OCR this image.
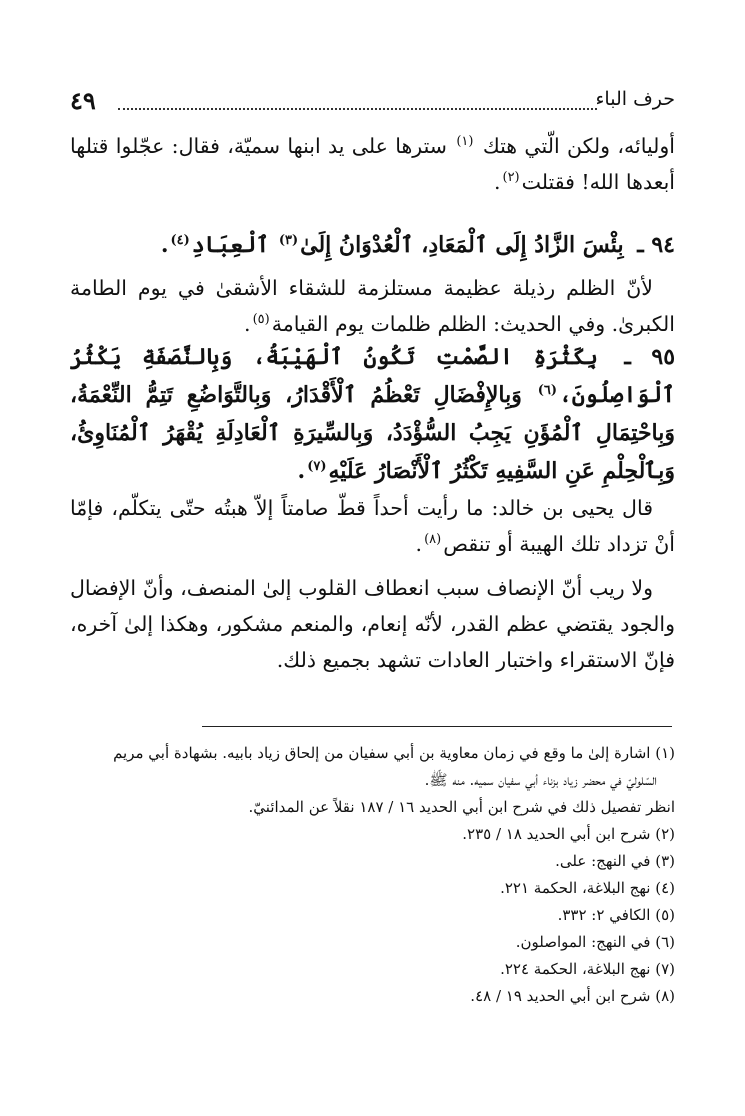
حرف الباء
٤٩
أوليائه، ولكن الّتي هتك $^{(١)}$ سترها على يد ابنها سميّة، فقال: عجّلوا قتلها أبعدها الله! فقتلت$^{(٢)}$.
٩٤ ـ بِئْسَ الزَّادُ إِلَى ٱلْمَعَادِ، ٱلْعُدْوَانُ إِلَىٰ$^{(٣)}$ ٱلْعِبَادِ$^{(٤)}$.
لأنّ الظلم رذيلة عظيمة مستلزمة للشقاء الأشقىٰ في يوم الطامة الكبرىٰ. وفي الحديث: الظلم ظلمات يوم القيامة$^{(٥)}$.
٩٥ ـ بِكَثْرَةِ الصَّمْتِ تَكُونُ ٱلْهَيْبَةُ، وَبِالنَّصَفَةِ يَكْثُرُ ٱلْوَاصِلُونَ،$^{(٦)}$ وَبِالإِفْضَالِ تَعْظُمُ ٱلْأَقْدَارُ، وَبِالتَّوَاضُعِ تَتِمُّ النِّعْمَةُ، وَبِاحْتِمَالِ ٱلْمُؤَنِ يَجِبُ السُّؤْدَدُ، وَبِالسِّيرَةِ ٱلْعَادِلَةِ يُقْهَرُ ٱلْمُنَاوِئُ، وَبِٱلْحِلْمِ عَنِ السَّفِيهِ تَكْثُرُ ٱلْأَنْصَارُ عَلَيْهِ$^{(٧)}$.
قال يحيى بن خالد: ما رأيت أحداً قطّ صامتاً إلاّ هبتُه حتّى يتكلّم، فإمّا أنْ تزداد تلك الهيبة أو تنقص$^{(٨)}$.
ولا ريب أنّ الإنصاف سبب انعطاف القلوب إلىٰ المنصف، وأنّ الإفضال والجود يقتضي عظم القدر، لأنّه إنعام، والمنعم مشكور، وهكذا إلىٰ آخره، فإنّ الاستقراء واختبار العادات تشهد بجميع ذلك.
(١) اشارة إلىٰ ما وقع في زمان معاوية بن أبي سفيان من إلحاق زياد بابيه. بشهادة أبي مريم
السّلوليّ في محضر زياد بزناء أبي سفيان سميه. منه ﷺ.
انظر تفصيل ذلك في شرح ابن أبي الحديد ١٦ / ١٨٧ نقلاً عن المدائنيّ.
(٢) شرح ابن أبي الحديد ١٨ / ٢٣٥.
(٣) في النهج: على.
(٤) نهج البلاغة، الحكمة ٢٢١.
(٥) الكافي ٢: ٣٣٢.
(٦) في النهج: المواصلون.
(٧) نهج البلاغة، الحكمة ٢٢٤.
(٨) شرح ابن أبي الحديد ١٩ / ٤٨.
